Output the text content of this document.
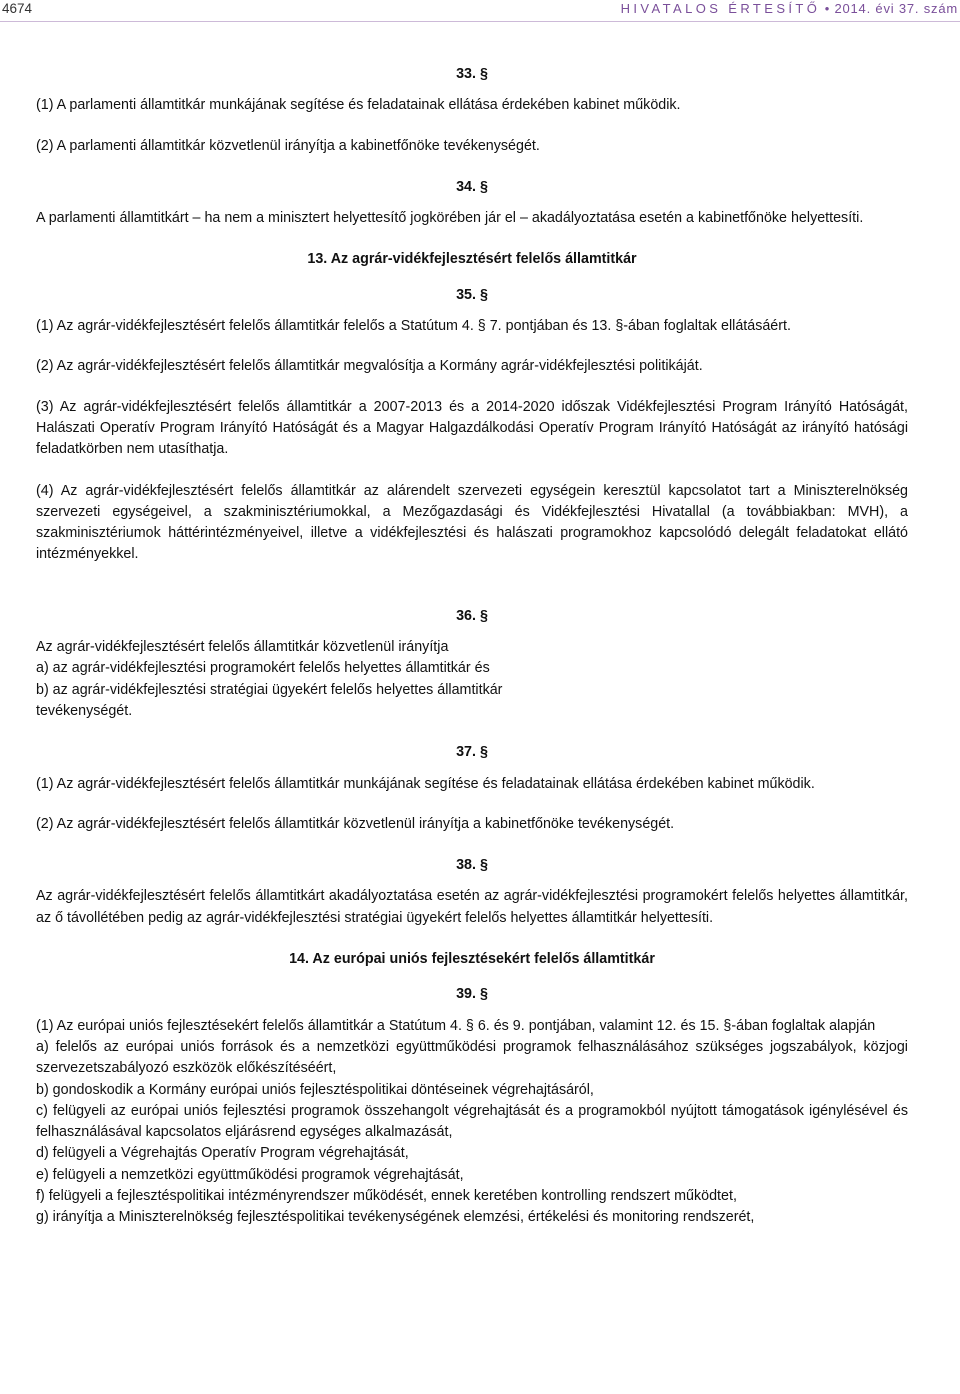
4674	HIVATALOS ÉRTESÍTŐ • 2014. évi 37. szám

33. §

(1) A parlamenti államtitkár munkájának segítése és feladatainak ellátása érdekében kabinet működik.

(2) A parlamenti államtitkár közvetlenül irányítja a kabinetfőnöke tevékenységét.

34. §

A parlamenti államtitkárt – ha nem a minisztert helyettesítő jogkörében jár el – akadályoztatása esetén a kabinetfőnöke helyettesíti.

13. Az agrár-vidékfejlesztésért felelős államtitkár

35. §

(1) Az agrár-vidékfejlesztésért felelős államtitkár felelős a Statútum 4. § 7. pontjában és 13. §-ában foglaltak ellátásáért.

(2) Az agrár-vidékfejlesztésért felelős államtitkár megvalósítja a Kormány agrár-vidékfejlesztési politikáját.

(3) Az agrár-vidékfejlesztésért felelős államtitkár a 2007-2013 és a 2014-2020 időszak Vidékfejlesztési Program Irányító Hatóságát, Halászati Operatív Program Irányító Hatóságát és a Magyar Halgazdálkodási Operatív Program Irányító Hatóságát az irányító hatósági feladatkörben nem utasíthatja.

(4) Az agrár-vidékfejlesztésért felelős államtitkár az alárendelt szervezeti egységein keresztül kapcsolatot tart a Miniszterelnökség szervezeti egységeivel, a szakminisztériumokkal, a Mezőgazdasági és Vidékfejlesztési Hivatallal (a továbbiakban: MVH), a szakminisztériumok háttérintézményeivel, illetve a vidékfejlesztési és halászati programokhoz kapcsolódó delegált feladatokat ellátó intézményekkel.

36. §

Az agrár-vidékfejlesztésért felelős államtitkár közvetlenül irányítja
a) az agrár-vidékfejlesztési programokért felelős helyettes államtitkár és
b) az agrár-vidékfejlesztési stratégiai ügyekért felelős helyettes államtitkár
tevékenységét.

37. §

(1) Az agrár-vidékfejlesztésért felelős államtitkár munkájának segítése és feladatainak ellátása érdekében kabinet működik.

(2) Az agrár-vidékfejlesztésért felelős államtitkár közvetlenül irányítja a kabinetfőnöke tevékenységét.

38. §

Az agrár-vidékfejlesztésért felelős államtitkárt akadályoztatása esetén az agrár-vidékfejlesztési programokért felelős helyettes államtitkár, az ő távollétében pedig az agrár-vidékfejlesztési stratégiai ügyekért felelős helyettes államtitkár helyettesíti.

14. Az európai uniós fejlesztésekért felelős államtitkár

39. §

(1) Az európai uniós fejlesztésekért felelős államtitkár a Statútum 4. § 6. és 9. pontjában, valamint 12. és 15. §-ában foglaltak alapján

a) felelős az európai uniós források és a nemzetközi együttműködési programok felhasználásához szükséges jogszabályok, közjogi szervezetszabályozó eszközök előkészítéséért,

b) gondoskodik a Kormány európai uniós fejlesztéspolitikai döntéseinek végrehajtásáról,

c) felügyeli az európai uniós fejlesztési programok összehangolt végrehajtását és a programokból nyújtott támogatások igénylésével és felhasználásával kapcsolatos eljárásrend egységes alkalmazását,

d) felügyeli a Végrehajtás Operatív Program végrehajtását,

e) felügyeli a nemzetközi együttműködési programok végrehajtását,

f) felügyeli a fejlesztéspolitikai intézményrendszer működését, ennek keretében kontrolling rendszert működtet,

g) irányítja a Miniszterelnökség fejlesztéspolitikai tevékenységének elemzési, értékelési és monitoring rendszerét,
